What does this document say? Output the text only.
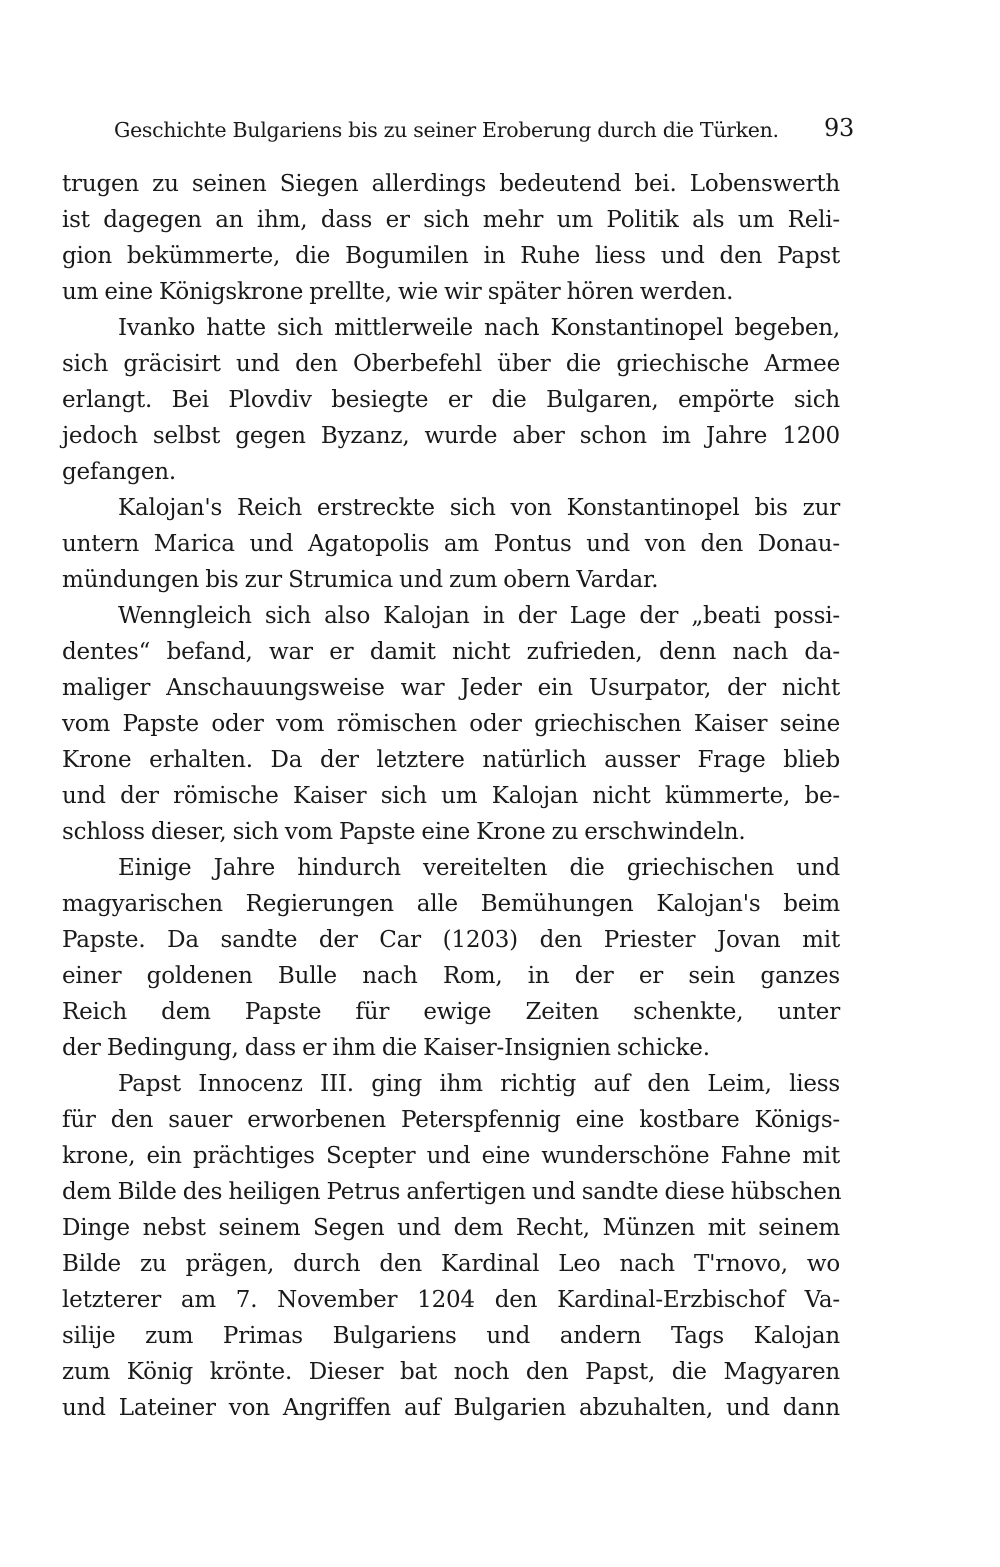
Geschichte Bulgariens bis zu seiner Eroberung durch die Türken. 93
trugen zu seinen Siegen allerdings bedeutend bei. Lobenswerth
ist dagegen an ihm, dass er sich mehr um Politik als um Reli-
gion bekümmerte, die Bogumilen in Ruhe liess und den Papst
um eine Königskrone prellte, wie wir später hören werden.
Ivanko hatte sich mittlerweile nach Konstantinopel begeben,
sich gräcisirt und den Oberbefehl über die griechische Armee
erlangt. Bei Plovdiv besiegte er die Bulgaren, empörte sich
jedoch selbst gegen Byzanz, wurde aber schon im Jahre 1200
gefangen.
Kalojan's Reich erstreckte sich von Konstantinopel bis zur
untern Marica und Agatopolis am Pontus und von den Donau-
mündungen bis zur Strumica und zum obern Vardar.
Wenngleich sich also Kalojan in der Lage der „beati possi-
dentes“ befand, war er damit nicht zufrieden, denn nach da-
maliger Anschauungsweise war Jeder ein Usurpator, der nicht
vom Papste oder vom römischen oder griechischen Kaiser seine
Krone erhalten. Da der letztere natürlich ausser Frage blieb
und der römische Kaiser sich um Kalojan nicht kümmerte, be-
schloss dieser, sich vom Papste eine Krone zu erschwindeln.
Einige Jahre hindurch vereitelten die griechischen und
magyarischen Regierungen alle Bemühungen Kalojan's beim
Papste. Da sandte der Car (1203) den Priester Jovan mit
einer goldenen Bulle nach Rom, in der er sein ganzes
Reich dem Papste für ewige Zeiten schenkte, unter
der Bedingung, dass er ihm die Kaiser-Insignien schicke.
Papst Innocenz III. ging ihm richtig auf den Leim, liess
für den sauer erworbenen Peterspfennig eine kostbare Königs-
krone, ein prächtiges Scepter und eine wunderschöne Fahne mit
dem Bilde des heiligen Petrus anfertigen und sandte diese hübschen
Dinge nebst seinem Segen und dem Recht, Münzen mit seinem
Bilde zu prägen, durch den Kardinal Leo nach T'rnovo, wo
letzterer am 7. November 1204 den Kardinal-Erzbischof Va-
silije zum Primas Bulgariens und andern Tags Kalojan
zum König krönte. Dieser bat noch den Papst, die Magyaren
und Lateiner von Angriffen auf Bulgarien abzuhalten, und dann
